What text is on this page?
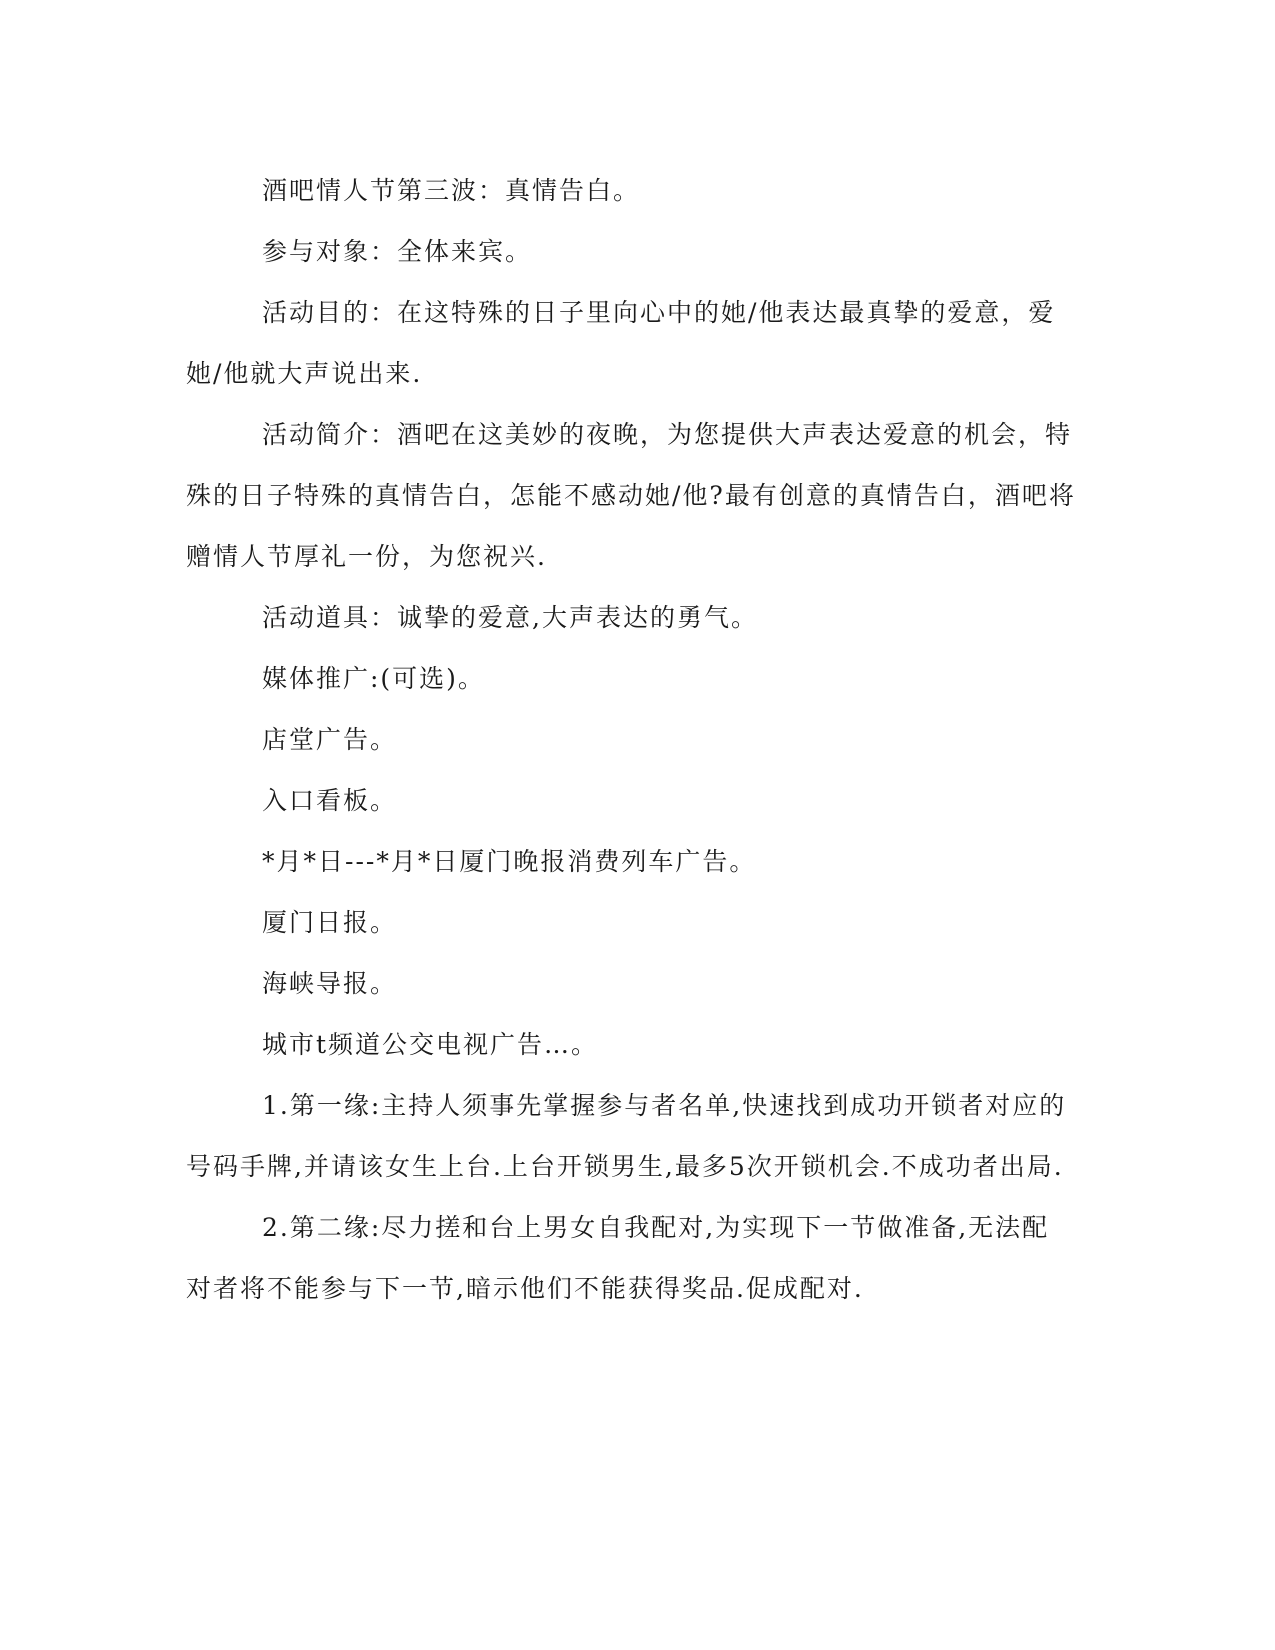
酒吧情人节第三波：真情告白。

参与对象：全体来宾。

活动目的：在这特殊的日子里向心中的她/他表达最真挚的爱意，爱她/他就大声说出来.

活动简介：酒吧在这美妙的夜晚，为您提供大声表达爱意的机会，特殊的日子特殊的真情告白，怎能不感动她/他?最有创意的真情告白，酒吧将赠情人节厚礼一份，为您祝兴.

活动道具：诚挚的爱意,大声表达的勇气。

媒体推广:(可选)。

店堂广告。

入口看板。

*月*日---*月*日厦门晚报消费列车广告。

厦门日报。

海峡导报。

城市t频道公交电视广告…。

1.第一缘:主持人须事先掌握参与者名单,快速找到成功开锁者对应的号码手牌,并请该女生上台.上台开锁男生,最多5次开锁机会.不成功者出局.

2.第二缘:尽力搓和台上男女自我配对,为实现下一节做准备,无法配对者将不能参与下一节,暗示他们不能获得奖品.促成配对.
